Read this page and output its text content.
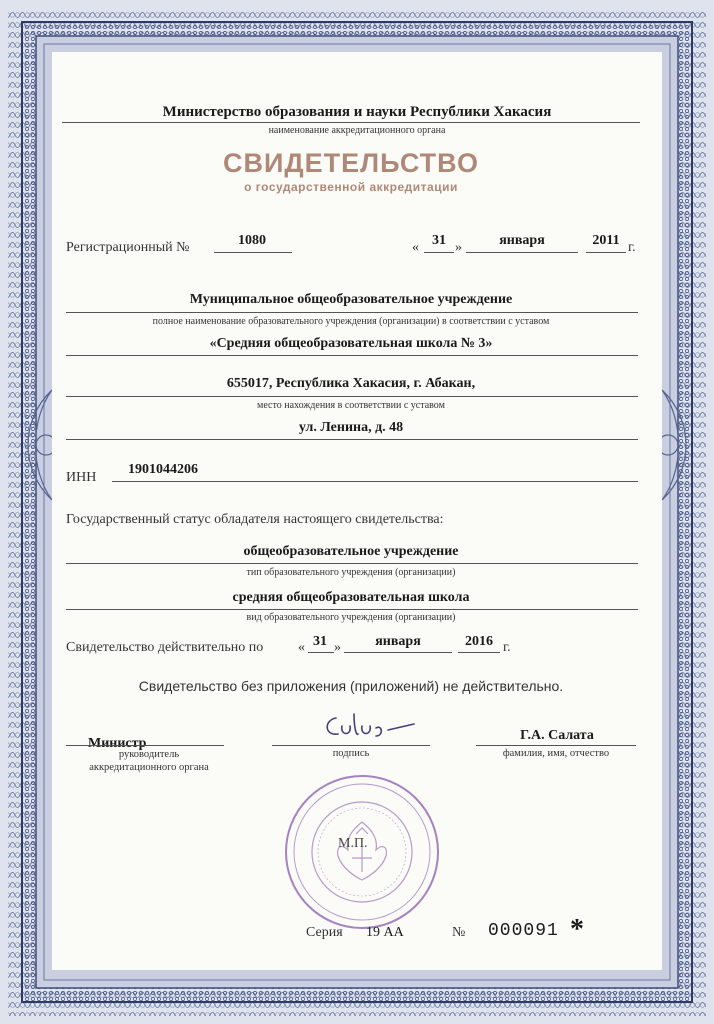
Министерство образования и науки Республики Хакасия
наименование аккредитационного органа
СВИДЕТЕЛЬСТВО
о государственной аккредитации
Регистрационный №	1080	« 31 »	января	2011 г.
Муниципальное общеобразовательное учреждение
полное наименование образовательного учреждения (организации) в соответствии с уставом
«Средняя общеобразовательная школа № 3»
655017, Республика Хакасия, г. Абакан,
место нахождения в соответствии с уставом
ул. Ленина, д. 48
ИНН
1901044206
Государственный статус обладателя настоящего свидетельства:
общеобразовательное учреждение
тип образовательного учреждения (организации)
средняя общеобразовательная школа
вид образовательного учреждения (организации)
Свидетельство действительно по « 31 »	января	2016 г.
Свидетельство без приложения (приложений) не действительно.
Министр
руководитель аккредитационного органа
подпись
Г.А. Салата
фамилия, имя, отчество
М.П.
Серия 19 АА	№ 000091 *
